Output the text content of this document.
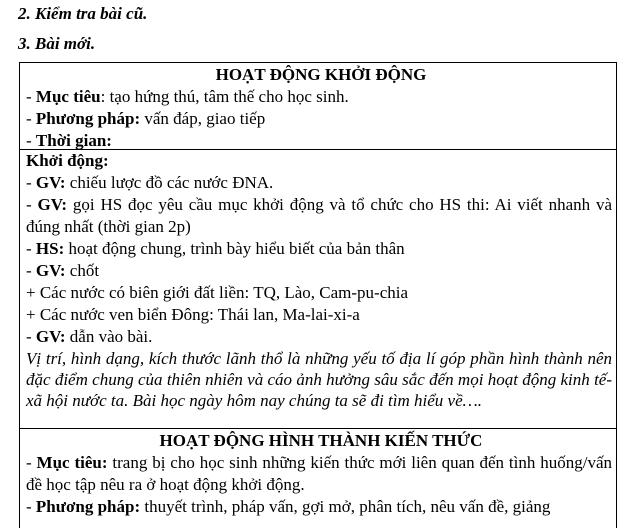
2. Kiểm tra bài cũ.
3. Bài mới.
HOẠT ĐỘNG KHỞI ĐỘNG

- Mục tiêu: tạo hứng thú, tâm thế cho học sinh.

- Phương pháp: vấn đáp, giao tiếp

- Thời gian:

Khởi động:

- GV: chiếu lược đồ các nước ĐNA.

- GV: gọi HS đọc yêu cầu mục khởi động và tổ chức cho HS thi: Ai viết nhanh và đúng nhất (thời gian 2p)

- HS: hoạt động chung, trình bày hiểu biết của bản thân

- GV: chốt

+ Các nước có biên giới đất liền: TQ, Lào, Cam-pu-chia

+ Các nước ven biển Đông: Thái lan, Ma-lai-xi-a

- GV: dẫn vào bài.

Vị trí, hình dạng, kích thước lãnh thổ là những yếu tố địa lí góp phần hình thành nên đặc điểm chung của thiên nhiên và cáo ảnh hưởng sâu sắc đến mọi hoạt động kinh tế- xã hội nước ta. Bài học ngày hôm nay chúng ta sẽ đi tìm hiểu về….

HOẠT ĐỘNG HÌNH THÀNH KIẾN THỨC

- Mục tiêu: trang bị cho học sinh những kiến thức mới liên quan đến tình huống/vấn đề học tập nêu ra ở hoạt động khởi động.

- Phương pháp: thuyết trình, pháp vấn, gợi mở, phân tích, nêu vấn đề, giảng
